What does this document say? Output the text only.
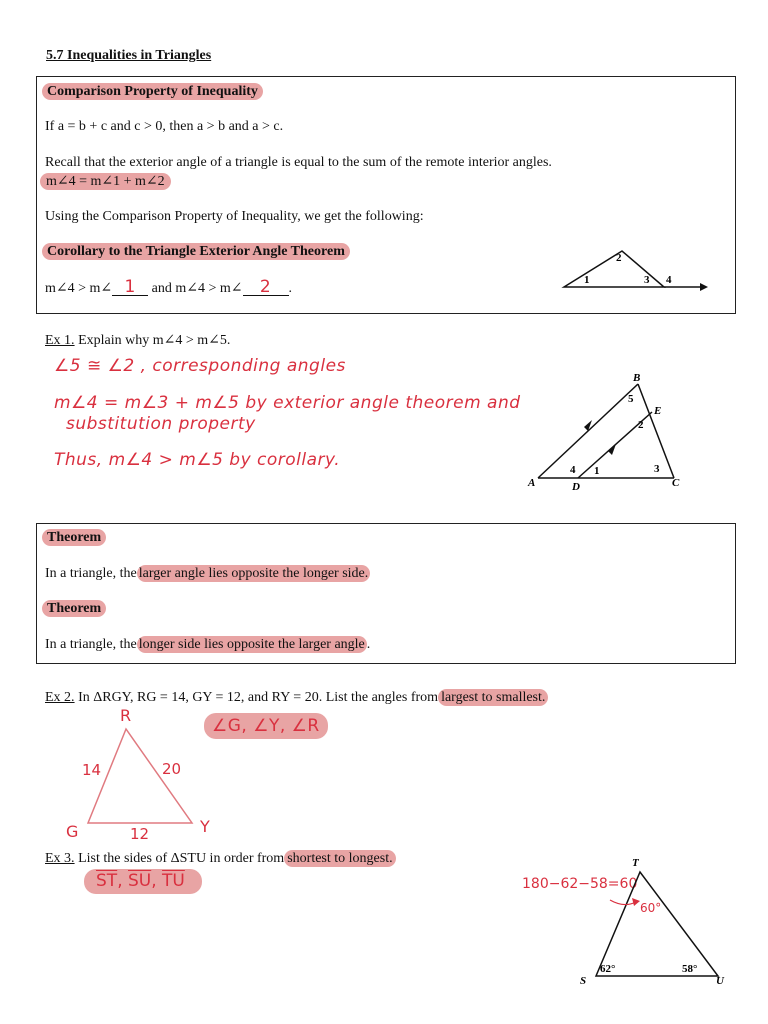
5.7 Inequalities in Triangles
Comparison Property of Inequality
If a = b + c and c > 0, then a > b and a > c.
Recall that the exterior angle of a triangle is equal to the sum of the remote interior angles.
m∠4 = m∠1 + m∠2
Using the Comparison Property of Inequality, we get the following:
Corollary to the Triangle Exterior Angle Theorem
m∠4 > m∠ 1 and m∠4 > m∠ 2 .
1
2
3 4
Ex 1. Explain why m∠4 > m∠5.
∠5 ≅ ∠2 , corresponding angles
m∠4 = m∠3 + m∠5 by exterior angle theorem and
substitution property
Thus, m∠4 > m∠5 by corollary.
A
B
C
D
E
1
2
3
4
5
Theorem
In a triangle, the larger angle lies opposite the longer side.
Theorem
In a triangle, the longer side lies opposite the larger angle .
Ex 2. In ΔRGY, RG = 14, GY = 12, and RY = 20. List the angles from largest to smallest.
∠G, ∠Y, ∠R
R
G	Y
14	20
12
Ex 3. List the sides of ΔSTU in order from shortest to longest.
$\overline{ST}$, $\overline{SU}$, $\overline{TU}$	180−62−58=60
T
S	U
62°	58°
60°
